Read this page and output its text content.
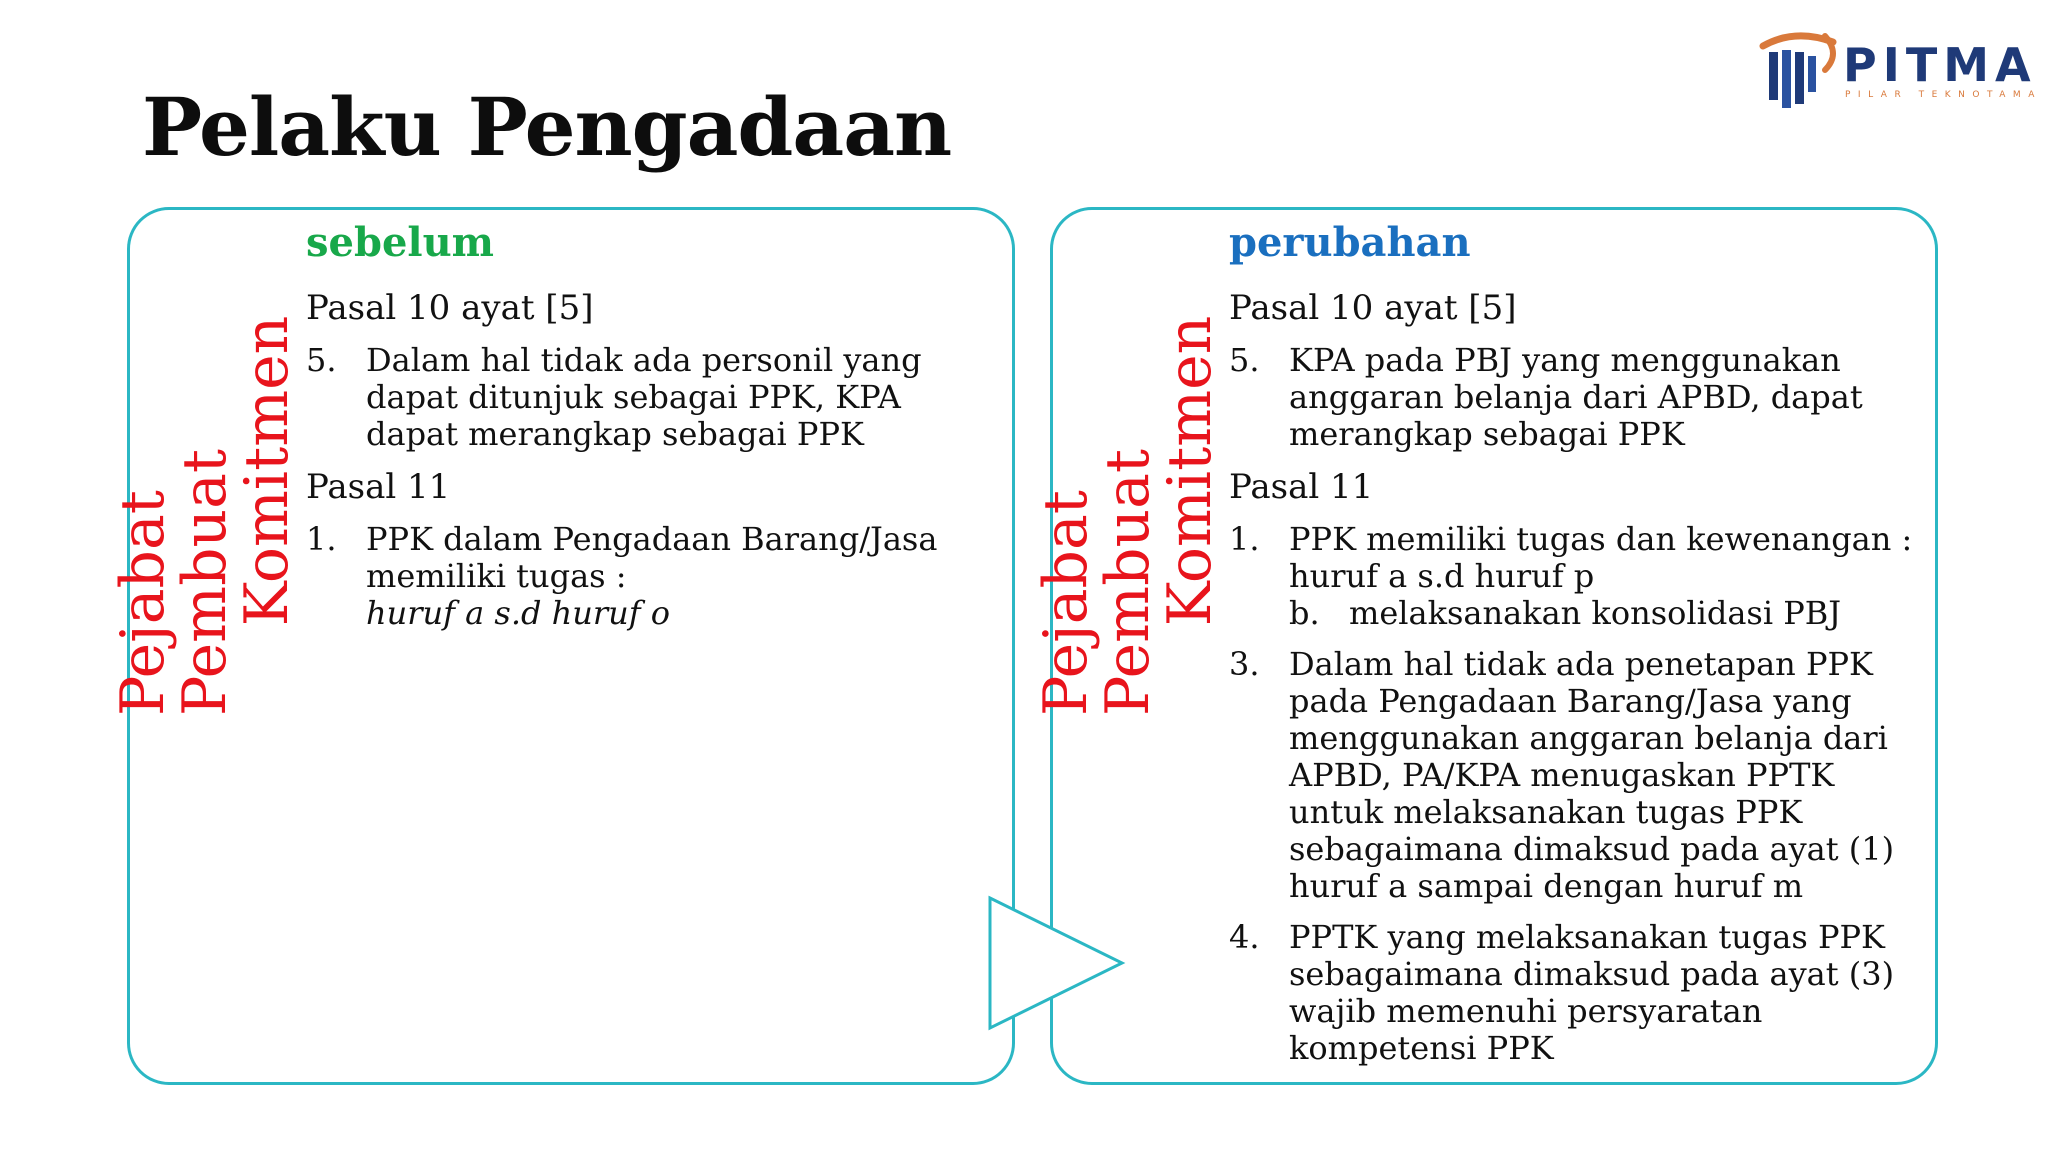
Pelaku Pengadaan
PITMA
PILAR TEKNOTAMA
Pejabat Pembuat
Komitmen
sebelum
Pasal 10 ayat [5]
5. Dalam hal tidak ada personil yang dapat ditunjuk sebagai PPK, KPA dapat merangkap sebagai PPK
Pasal 11
1. PPK dalam Pengadaan Barang/Jasa memiliki tugas :
huruf a s.d huruf o	Pejabat Pembuat
Komitmen
perubahan
Pasal 10 ayat [5]
5. KPA pada PBJ yang menggunakan anggaran belanja dari APBD, dapat merangkap sebagai PPK
Pasal 11
1. PPK memiliki tugas dan kewenangan : huruf a s.d huruf p
b. melaksanakan konsolidasi PBJ
3. Dalam hal tidak ada penetapan PPK pada Pengadaan Barang/Jasa yang menggunakan anggaran belanja dari APBD, PA/KPA menugaskan PPTK untuk melaksanakan tugas PPK sebagaimana dimaksud pada ayat (1) huruf a sampai dengan huruf m
4. PPTK yang melaksanakan tugas PPK sebagaimana dimaksud pada ayat (3) wajib memenuhi persyaratan kompetensi PPK
